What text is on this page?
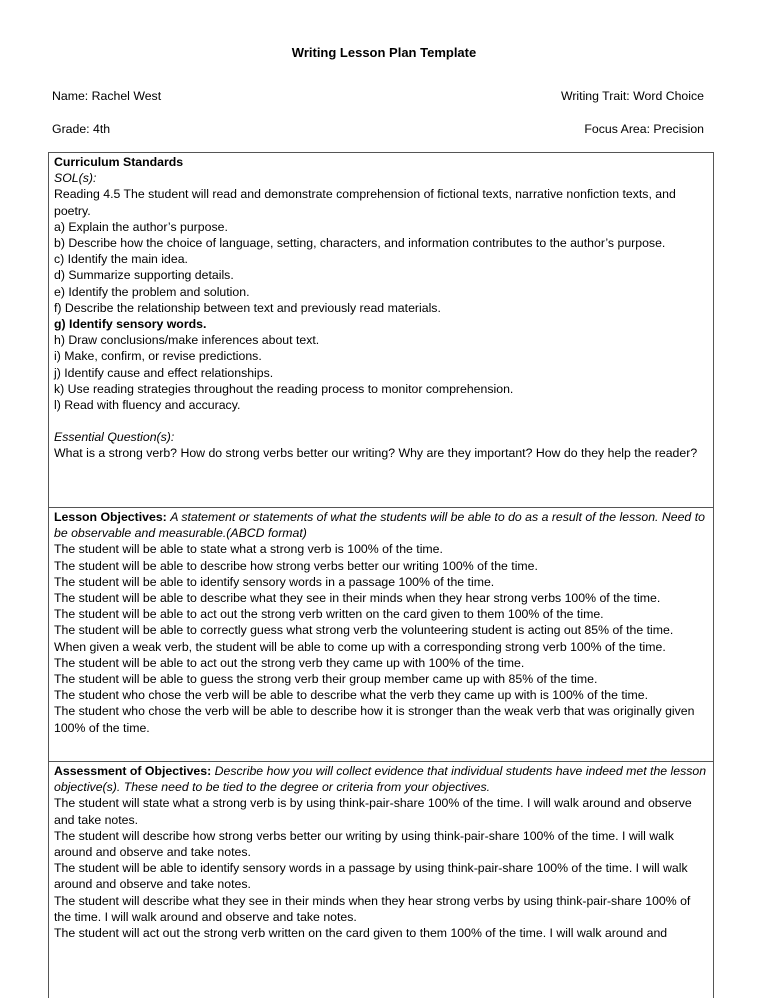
Writing Lesson Plan Template
Name: Rachel West	Writing Trait: Word Choice
Grade: 4th	Focus Area: Precision
Curriculum Standards
SOL(s):
Reading 4.5 The student will read and demonstrate comprehension of fictional texts, narrative nonfiction texts, and poetry.
a) Explain the author’s purpose.
b) Describe how the choice of language, setting, characters, and information contributes to the author’s purpose.
c) Identify the main idea.
d) Summarize supporting details.
e) Identify the problem and solution.
f) Describe the relationship between text and previously read materials.
g) Identify sensory words.
h) Draw conclusions/make inferences about text.
i) Make, confirm, or revise predictions.
j) Identify cause and effect relationships.
k) Use reading strategies throughout the reading process to monitor comprehension.
l) Read with fluency and accuracy.
Essential Question(s):
What is a strong verb? How do strong verbs better our writing? Why are they important? How do they help the reader?
Lesson Objectives: A statement or statements of what the students will be able to do as a result of the lesson. Need to be observable and measurable.(ABCD format)
The student will be able to state what a strong verb is 100% of the time.
The student will be able to describe how strong verbs better our writing 100% of the time.
The student will be able to identify sensory words in a passage 100% of the time.
The student will be able to describe what they see in their minds when they hear strong verbs 100% of the time.
The student will be able to act out the strong verb written on the card given to them 100% of the time.
The student will be able to correctly guess what strong verb the volunteering student is acting out 85% of the time.
When given a weak verb, the student will be able to come up with a corresponding strong verb 100% of the time.
The student will be able to act out the strong verb they came up with 100% of the time.
The student will be able to guess the strong verb their group member came up with 85% of the time.
The student who chose the verb will be able to describe what the verb they came up with is 100% of the time.
The student who chose the verb will be able to describe how it is stronger than the weak verb that was originally given 100% of the time.
Assessment of Objectives: Describe how you will collect evidence that individual students have indeed met the lesson objective(s). These need to be tied to the degree or criteria from your objectives.
The student will state what a strong verb is by using think-pair-share 100% of the time. I will walk around and observe and take notes.
The student will describe how strong verbs better our writing by using think-pair-share 100% of the time. I will walk around and observe and take notes.
The student will be able to identify sensory words in a passage by using think-pair-share 100% of the time. I will walk around and observe and take notes.
The student will describe what they see in their minds when they hear strong verbs by using think-pair-share 100% of the time. I will walk around and observe and take notes.
The student will act out the strong verb written on the card given to them 100% of the time. I will walk around and
